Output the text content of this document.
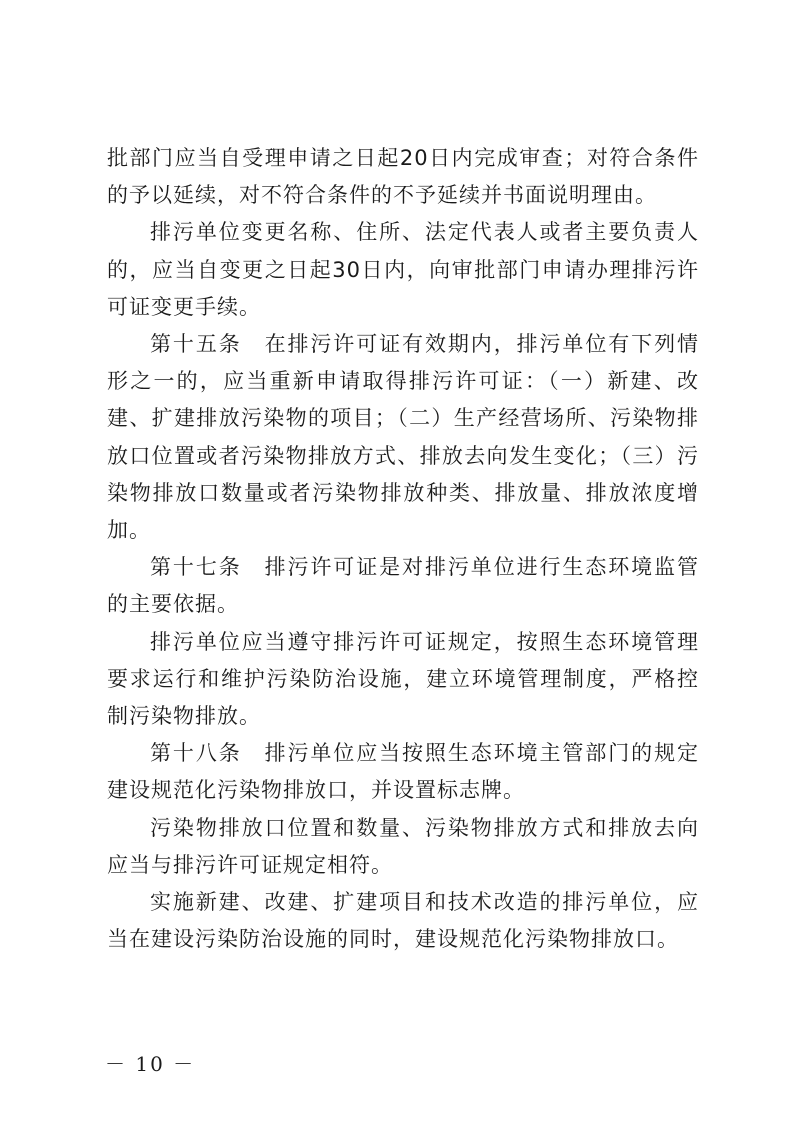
批部门应当自受理申请之日起20日内完成审查；对符合条件的予以延续，对不符合条件的不予延续并书面说明理由。

排污单位变更名称、住所、法定代表人或者主要负责人的，应当自变更之日起30日内，向审批部门申请办理排污许可证变更手续。

第十五条　在排污许可证有效期内，排污单位有下列情形之一的，应当重新申请取得排污许可证：（一）新建、改建、扩建排放污染物的项目；（二）生产经营场所、污染物排放口位置或者污染物排放方式、排放去向发生变化；（三）污染物排放口数量或者污染物排放种类、排放量、排放浓度增加。

第十七条　排污许可证是对排污单位进行生态环境监管的主要依据。

排污单位应当遵守排污许可证规定，按照生态环境管理要求运行和维护污染防治设施，建立环境管理制度，严格控制污染物排放。

第十八条　排污单位应当按照生态环境主管部门的规定建设规范化污染物排放口，并设置标志牌。

污染物排放口位置和数量、污染物排放方式和排放去向应当与排污许可证规定相符。

实施新建、改建、扩建项目和技术改造的排污单位，应当在建设污染防治设施的同时，建设规范化污染物排放口。

－ 10 －
